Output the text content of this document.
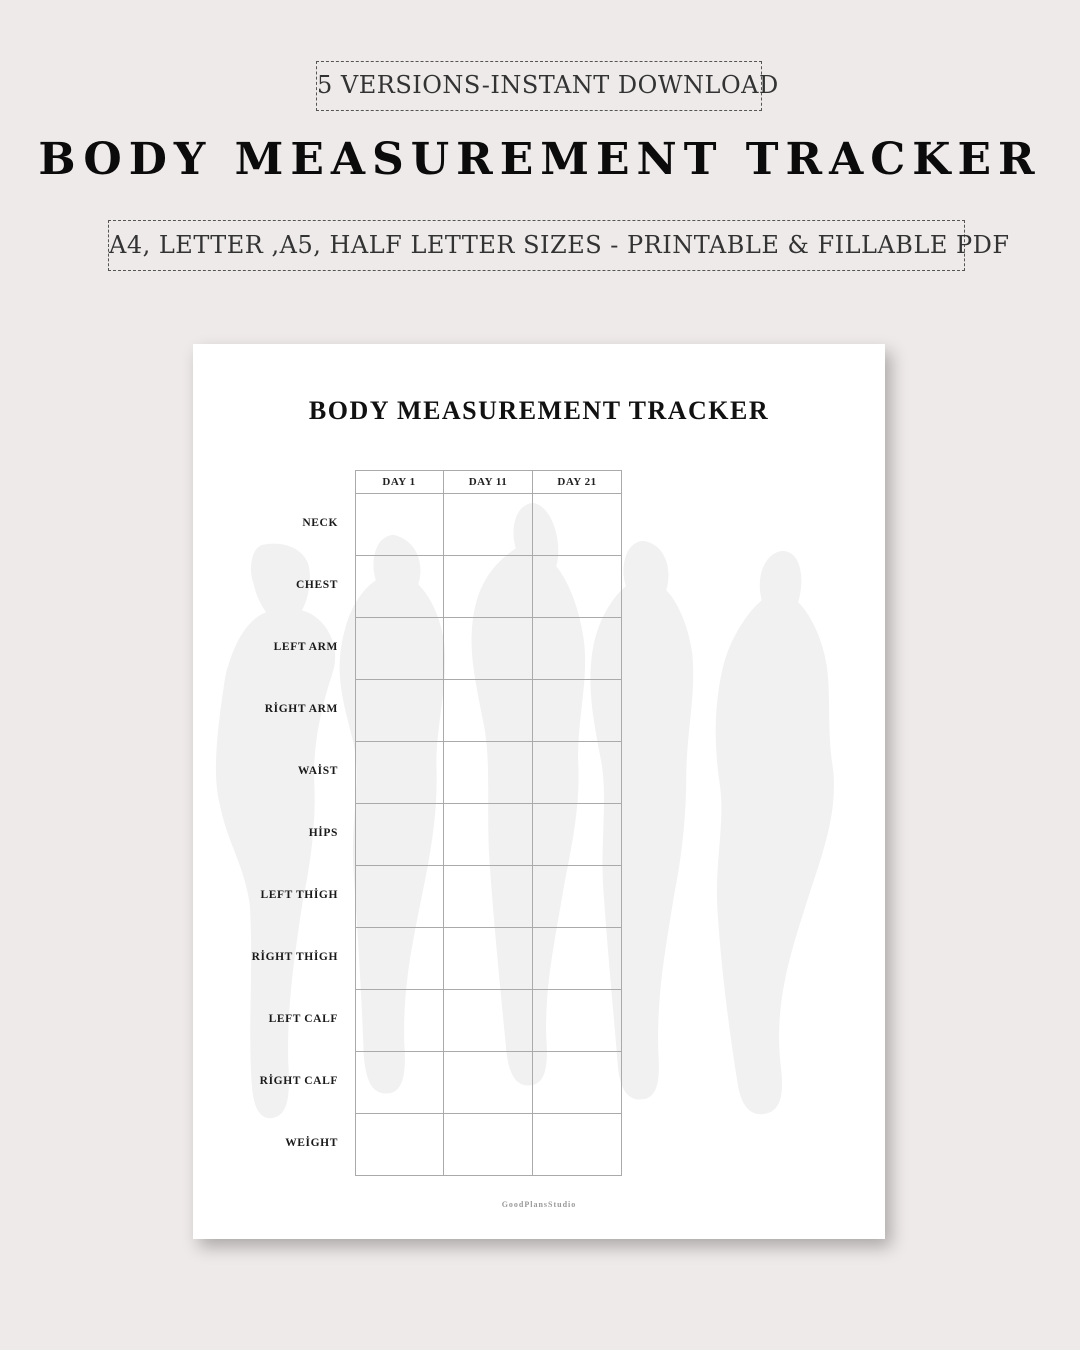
5 VERSIONS-INSTANT DOWNLOAD
BODY MEASUREMENT TRACKER
A4, LETTER ,A5, HALF LETTER SIZES - PRINTABLE & FILLABLE PDF
BODY MEASUREMENT TRACKER
DAY 1	DAY 11	DAY 21
NECK
CHEST
LEFT ARM
RİGHT ARM
WAİST
HİPS
LEFT THİGH
RİGHT THİGH
LEFT CALF
RİGHT CALF
WEİGHT
GoodPlansStudio
